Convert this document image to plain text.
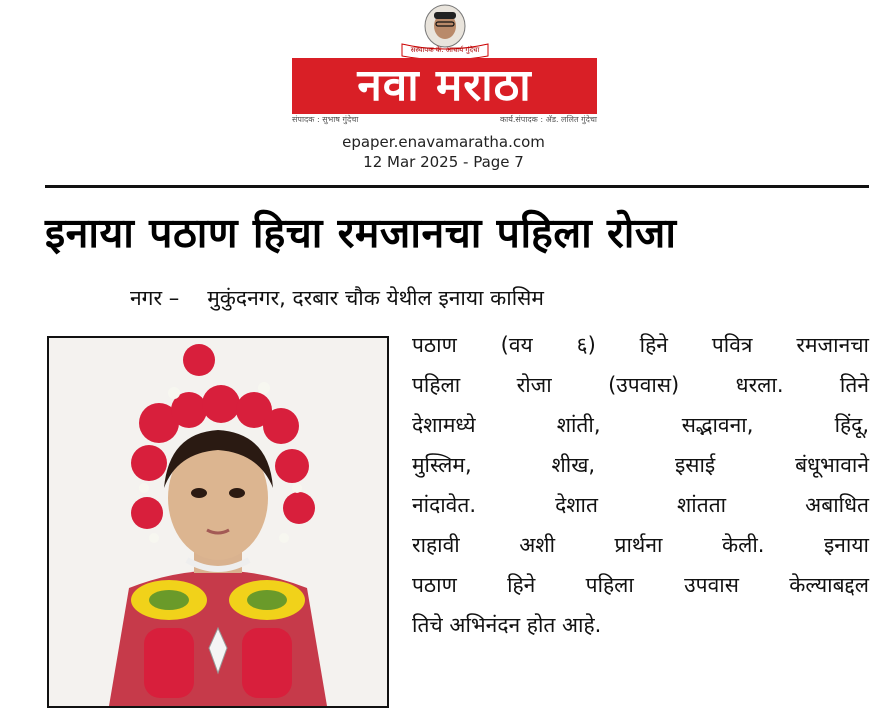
संस्थापक के. आचार्य गुंदेचा
नवा मराठा
संपादक : सुभाष गुंदेचा	कार्य.संपादक : अ‍ॅड. ललित गुंदेचा
epaper.enavamaratha.com
12 Mar 2025 - Page 7
इनाया पठाण हिचा रमजानचा पहिला रोजा
नगर – मुकुंदनगर, दरबार चौक येथील इनाया कासिम
पठाण (वय ६) हिने पवित्र रमजानचा
पहिला रोजा (उपवास) धरला. तिने
देशामध्ये शांती, सद्भावना, हिंदू,
मुस्लिम, शीख, इसाई बंधूभावाने
नांदावेत. देशात शांतता अबाधित
राहावी अशी प्रार्थना केली. इनाया
पठाण हिने पहिला उपवास केल्याबद्दल
तिचे अभिनंदन होत आहे.
